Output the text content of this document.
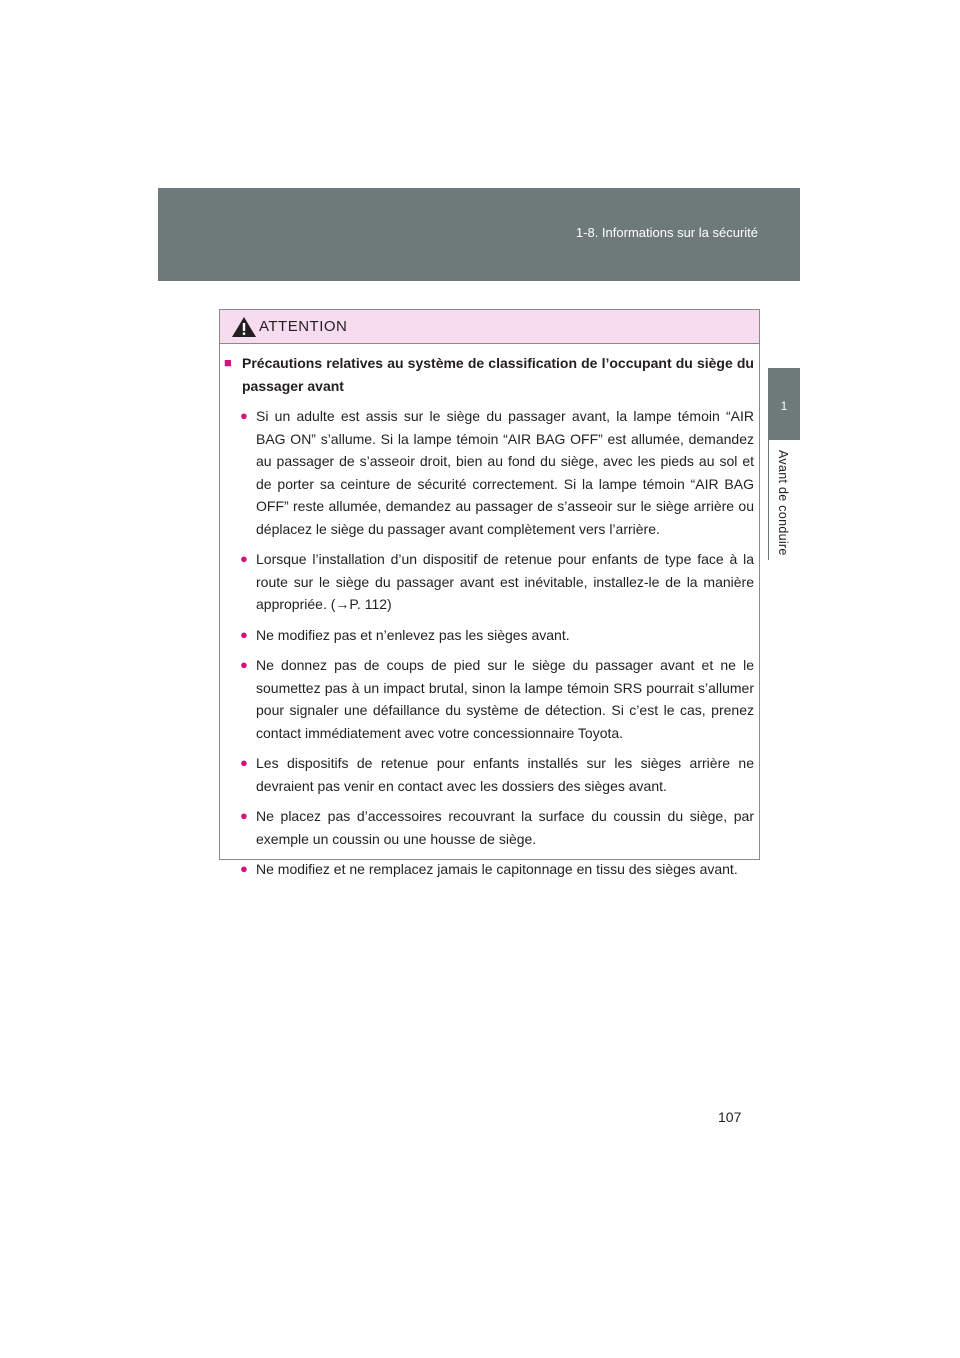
1-8. Informations sur la sécurité
1
Avant de conduire
ATTENTION
■ Précautions relatives au système de classification de l’occupant du siège du passager avant
● Si un adulte est assis sur le siège du passager avant, la lampe témoin “AIR BAG ON” s’allume. Si la lampe témoin “AIR BAG OFF” est allumée, demandez au passager de s’asseoir droit, bien au fond du siège, avec les pieds au sol et de porter sa ceinture de sécurité correctement. Si la lampe témoin “AIR BAG OFF” reste allumée, demandez au passager de s’asseoir sur le siège arrière ou déplacez le siège du passager avant complètement vers l’arrière.
● Lorsque l’installation d’un dispositif de retenue pour enfants de type face à la route sur le siège du passager avant est inévitable, installez-le de la manière appropriée. (→P. 112)
● Ne modifiez pas et n’enlevez pas les sièges avant.
● Ne donnez pas de coups de pied sur le siège du passager avant et ne le soumettez pas à un impact brutal, sinon la lampe témoin SRS pourrait s’allumer pour signaler une défaillance du système de détection. Si c’est le cas, prenez contact immédiatement avec votre concessionnaire Toyota.
● Les dispositifs de retenue pour enfants installés sur les sièges arrière ne devraient pas venir en contact avec les dossiers des sièges avant.
● Ne placez pas d’accessoires recouvrant la surface du coussin du siège, par exemple un coussin ou une housse de siège.
● Ne modifiez et ne remplacez jamais le capitonnage en tissu des sièges avant.
107
